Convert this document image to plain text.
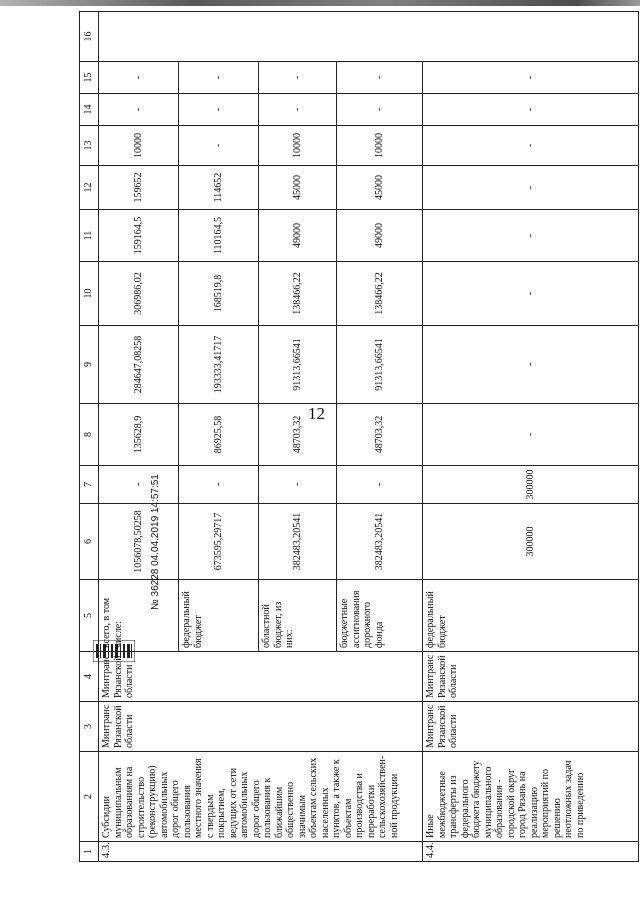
12
№ 36228 04.04.2019 14:57:51
1	2	3	4	5	6	7	8	9	10	11	12	13	14	15	16
4.3.	Субсидии муниципальным образованиям на строительство (реконструкцию) автомобильных дорог общего пользования местного значения с твердым покрытием, ведущих от сети автомобильных дорог общего пользования к ближайшим общественно значимым объектам сельских населенных пунктов, а также к объектам производства и переработки сельскохозяйствен-ной продукции	Минтранс Рязанской области	Минтранс Рязанской области	всего, в том числе:	1056078,50258	-	135628,9	284647,08258	306986,02	159164,5	159652	10000	-	-	
				федеральный бюджет	673595,29717	-	86925,58	193333,41717	168519,8	110164,5	114652	-	-	-	
				областной бюджет, из них:	382483,20541	-	48703,32	91313,66541	138466,22	49000	45000	10000	-	-	
				бюджетные ассигнования дорожного фонда	382483,20541	-	48703,32	91313,66541	138466,22	49000	45000	10000	-	-	
4.4.	Иные межбюджетные трансферты из федерального бюджета бюджету муниципального образования - городской округ город Рязань на реализацию мероприятий по решению неотложных задач по приведению	Минтранс Рязанской области	Минтранс Рязанской области	федеральный бюджет	300000	300000	-	-	-	-	-	-	-	-	
